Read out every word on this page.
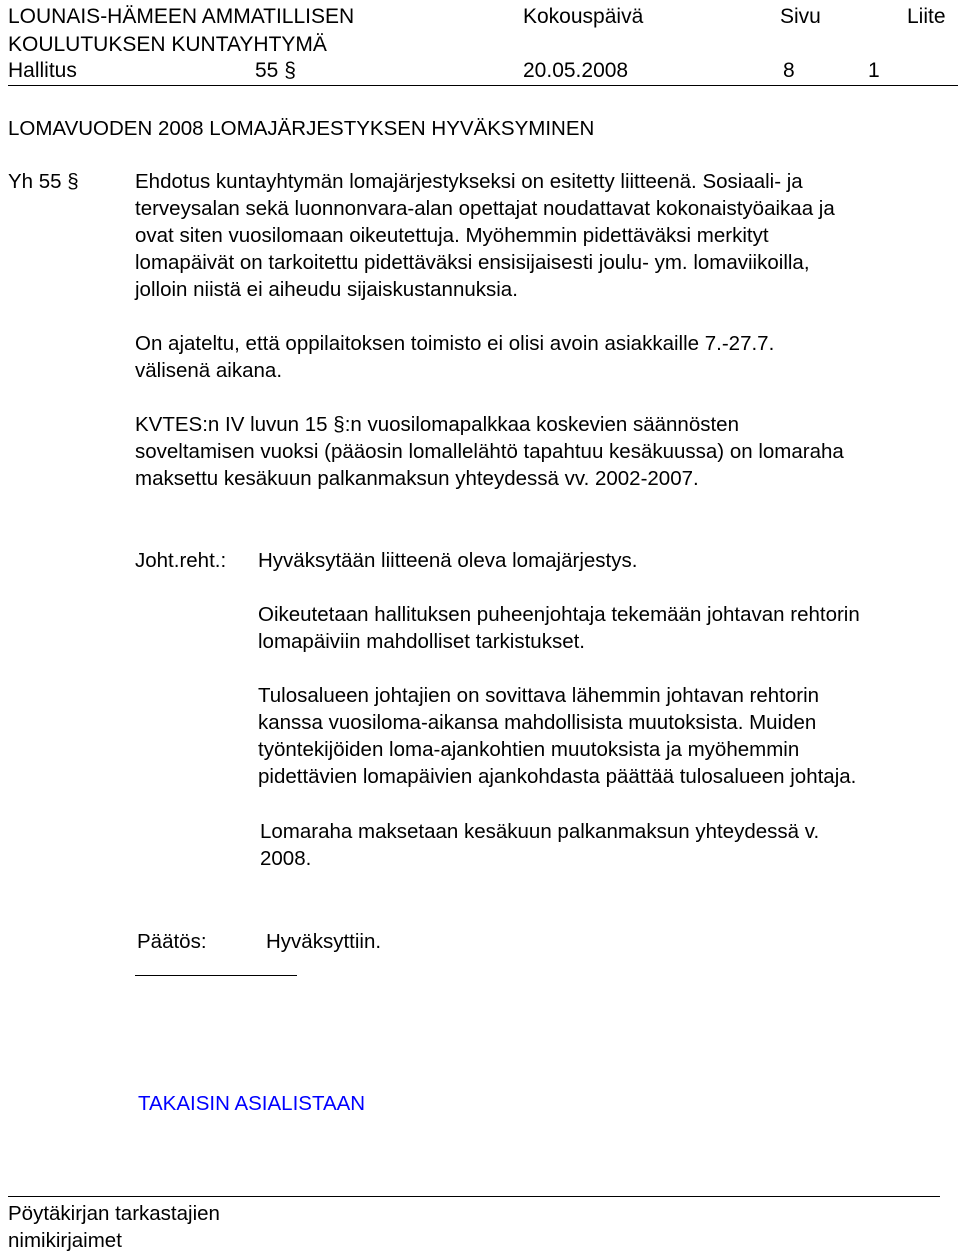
LOUNAIS-HÄMEEN AMMATILLISEN
KOULUTUKSEN KUNTAYHTYMÄ
Kokouspäivä	Sivu	Liite
Hallitus	55 §	20.05.2008	8	1
LOMAVUODEN 2008 LOMAJÄRJESTYKSEN HYVÄKSYMINEN
Yh 55 §	Ehdotus kuntayhtymän lomajärjestykseksi on esitetty liitteenä. Sosiaali- ja
terveysalan sekä luonnonvara-alan opettajat noudattavat kokonaistyöaikaa ja
ovat siten vuosilomaan oikeutettuja. Myöhemmin pidettäväksi merkityt
lomapäivät on tarkoitettu pidettäväksi ensisijaisesti joulu- ym. lomaviikoilla,
jolloin niistä ei aiheudu sijaiskustannuksia.
On ajateltu, että oppilaitoksen toimisto ei olisi avoin asiakkaille 7.-27.7.
välisenä aikana.
KVTES:n IV luvun 15 §:n vuosilomapalkkaa koskevien säännösten
soveltamisen vuoksi (pääosin lomallelähtö tapahtuu kesäkuussa) on lomaraha
maksettu kesäkuun palkanmaksun yhteydessä vv. 2002-2007.
Joht.reht.: Hyväksytään liitteenä oleva lomajärjestys.
Oikeutetaan hallituksen puheenjohtaja tekemään johtavan rehtorin
lomapäiviin mahdolliset tarkistukset.
Tulosalueen johtajien on sovittava lähemmin johtavan rehtorin
kanssa vuosiloma-aikansa mahdollisista muutoksista. Muiden
työntekijöiden loma-ajankohtien muutoksista ja myöhemmin
pidettävien lomapäivien ajankohdasta päättää tulosalueen johtaja.
Lomaraha maksetaan kesäkuun palkanmaksun yhteydessä v.
2008.
Päätös:	Hyväksyttiin.
TAKAISIN ASIALISTAAN
Pöytäkirjan tarkastajien
nimikirjaimet
